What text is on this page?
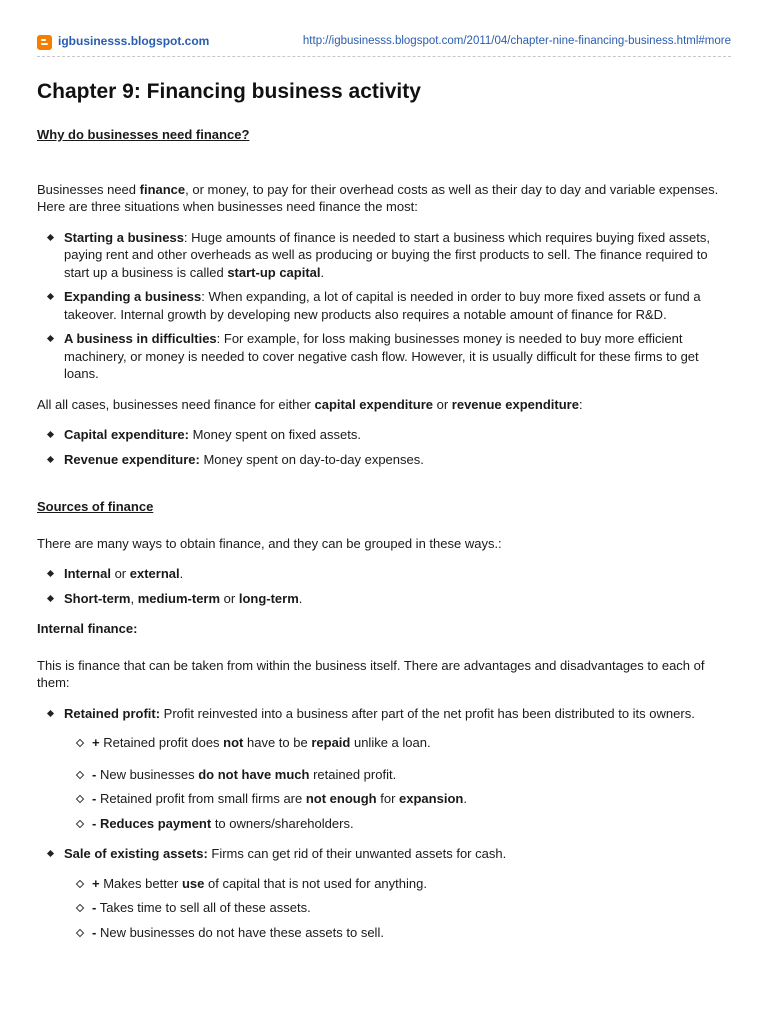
igbusinesss.blogspot.com	http://igbusinesss.blogspot.com/2011/04/chapter-nine-financing-business.html#more
Chapter 9: Financing business activity

Why do businesses need finance?

Businesses need finance, or money, to pay for their overhead costs as well as their day to day and variable expenses. Here are three situations when businesses need finance the most:

Starting a business: Huge amounts of finance is needed to start a business which requires buying fixed assets, paying rent and other overheads as well as producing or buying the first products to sell. The finance required to start up a business is called start-up capital.
Expanding a business: When expanding, a lot of capital is needed in order to buy more fixed assets or fund a takeover. Internal growth by developing new products also requires a notable amount of finance for R&D.
A business in difficulties: For example, for loss making businesses money is needed to buy more efficient machinery, or money is needed to cover negative cash flow. However, it is usually difficult for these firms to get loans.

All all cases, businesses need finance for either capital expenditure or revenue expenditure:

Capital expenditure: Money spent on fixed assets.
Revenue expenditure: Money spent on day-to-day expenses.

Sources of finance

There are many ways to obtain finance, and they can be grouped in these ways.:

Internal or external.
Short-term, medium-term or long-term.

Internal finance:

This is finance that can be taken from within the business itself. There are advantages and disadvantages to each of them:

Retained profit: Profit reinvested into a business after part of the net profit has been distributed to its owners.
+ Retained profit does not have to be repaid unlike a loan.
- New businesses do not have much retained profit.
- Retained profit from small firms are not enough for expansion.
- Reduces payment to owners/shareholders.
Sale of existing assets: Firms can get rid of their unwanted assets for cash.
+ Makes better use of capital that is not used for anything.
- Takes time to sell all of these assets.
- New businesses do not have these assets to sell.
